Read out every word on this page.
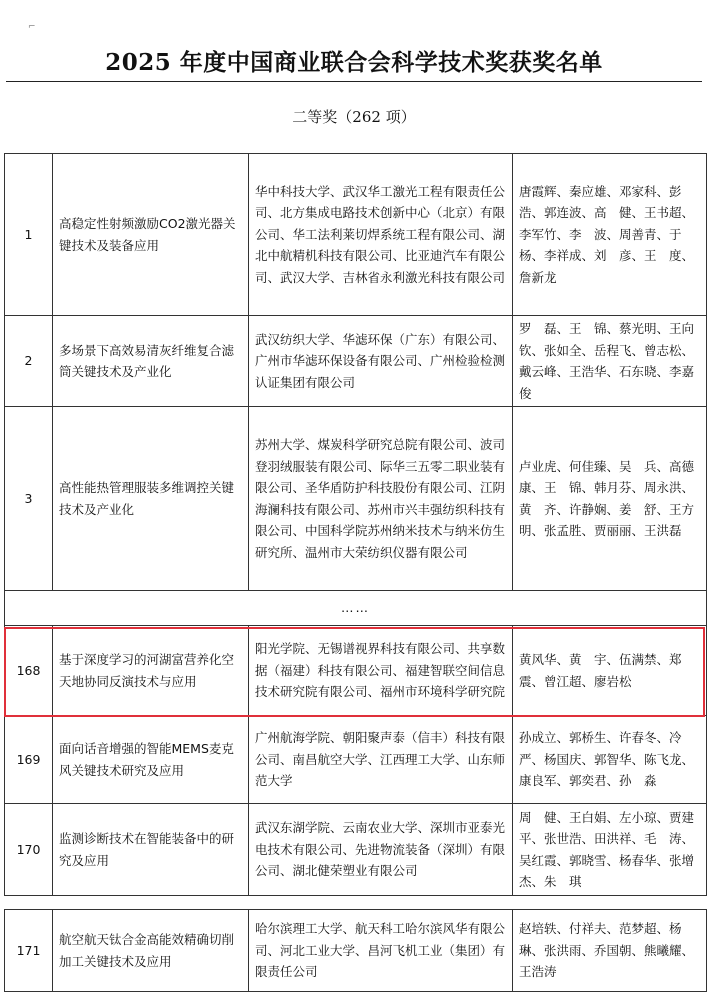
⌐
2025 年度中国商业联合会科学技术奖获奖名单
二等奖（262 项）
1	高稳定性射频激励CO2激光器关键技术及装备应用	华中科技大学、武汉华工激光工程有限责任公司、北方集成电路技术创新中心（北京）有限公司、华工法利莱切焊系统工程有限公司、湖北中航精机科技有限公司、比亚迪汽车有限公司、武汉大学、吉林省永利激光科技有限公司	唐霞辉、秦应雄、邓家科、彭　浩、郭连波、高　健、王书超、李军竹、李　波、周善青、于　杨、李祥成、刘　彦、王　度、詹新龙
2	多场景下高效易清灰纤维复合滤筒关键技术及产业化	武汉纺织大学、华滤环保（广东）有限公司、广州市华滤环保设备有限公司、广州检验检测认证集团有限公司	罗　磊、王　锦、蔡光明、王向钦、张如全、岳程飞、曾志松、戴云峰、王浩华、石东晓、李嘉俊
3	高性能热管理服装多维调控关键技术及产业化	苏州大学、煤炭科学研究总院有限公司、波司登羽绒服装有限公司、际华三五零二职业装有限公司、圣华盾防护科技股份有限公司、江阴海澜科技有限公司、苏州市兴丰强纺织科技有限公司、中国科学院苏州纳米技术与纳米仿生研究所、温州市大荣纺织仪器有限公司	卢业虎、何佳臻、吴　兵、高德康、王　锦、韩月芬、周永洪、黄　齐、许静娴、姜　舒、王方明、张孟胜、贾丽丽、王洪磊
……			
168	基于深度学习的河湖富营养化空天地协同反演技术与应用	阳光学院、无锡谱视界科技有限公司、共享数据（福建）科技有限公司、福建智联空间信息技术研究院有限公司、福州市环境科学研究院	黄风华、黄　宇、伍满禁、郑　震、曾江超、廖岩松
169	面向话音增强的智能MEMS麦克风关键技术研究及应用	广州航海学院、朝阳聚声泰（信丰）科技有限公司、南昌航空大学、江西理工大学、山东师范大学	孙成立、郭桥生、许春冬、冷　严、杨国庆、郭智华、陈飞龙、康良军、郭奕君、孙　淼
170	监测诊断技术在智能装备中的研究及应用	武汉东湖学院、云南农业大学、深圳市亚泰光电技术有限公司、先进物流装备（深圳）有限公司、湖北健荣塑业有限公司	周　健、王白娟、左小琼、贾建平、张世浩、田洪祥、毛　涛、吴红霞、郭晓雪、杨春华、张增杰、朱　琪
171	航空航天钛合金高能效精确切削加工关键技术及应用	哈尔滨理工大学、航天科工哈尔滨风华有限公司、河北工业大学、昌河飞机工业（集团）有限责任公司	赵培轶、付祥夫、范梦超、杨　琳、张洪雨、乔国朝、熊曦耀、王浩涛
